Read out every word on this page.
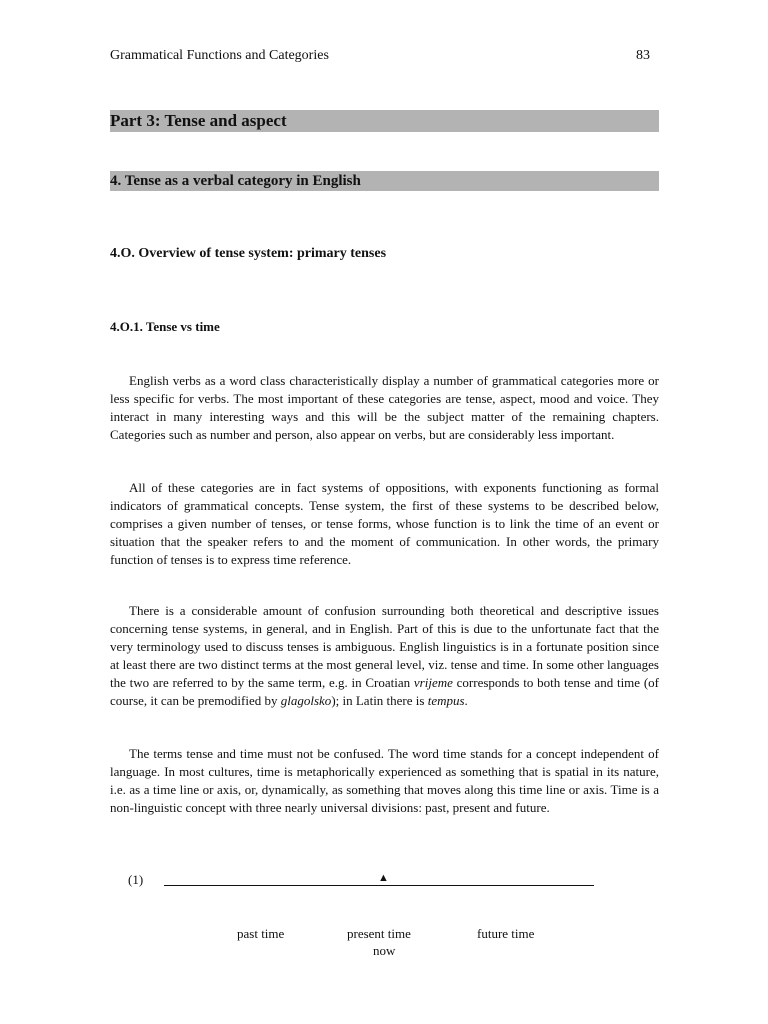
Grammatical Functions and Categories	83
Part 3: Tense and aspect
4. Tense as a verbal category in English
4.O. Overview of tense system: primary tenses
4.O.1. Tense vs time

English verbs as a word class characteristically display a number of grammatical categories more or less specific for verbs. The most important of these categories are tense, aspect, mood and voice. They interact in many interesting ways and this will be the subject matter of the remaining chapters. Categories such as number and person, also appear on verbs, but are considerably less important.

All of these categories are in fact systems of oppositions, with exponents functioning as formal indicators of grammatical concepts. Tense system, the first of these systems to be described below, comprises a given number of tenses, or tense forms, whose function is to link the time of an event or situation that the speaker refers to and the moment of communication. In other words, the primary function of tenses is to express time reference.

There is a considerable amount of confusion surrounding both theoretical and descriptive issues concerning tense systems, in general, and in English. Part of this is due to the unfortunate fact that the very terminology used to discuss tenses is ambiguous. English linguistics is in a fortunate position since at least there are two distinct terms at the most general level, viz. tense and time. In some other languages the two are referred to by the same term, e.g. in Croatian vrijeme corresponds to both tense and time (of course, it can be premodified by glagolsko); in Latin there is tempus.

The terms tense and time must not be confused. The word time stands for a concept independent of language. In most cultures, time is metaphorically experienced as something that is spatial in its nature, i.e. as a time line or axis, or, dynamically, as something that moves along this time line or axis. Time is a non-linguistic concept with three nearly universal divisions: past, present and future.

(1)	▲
past time	present time
now
future time
